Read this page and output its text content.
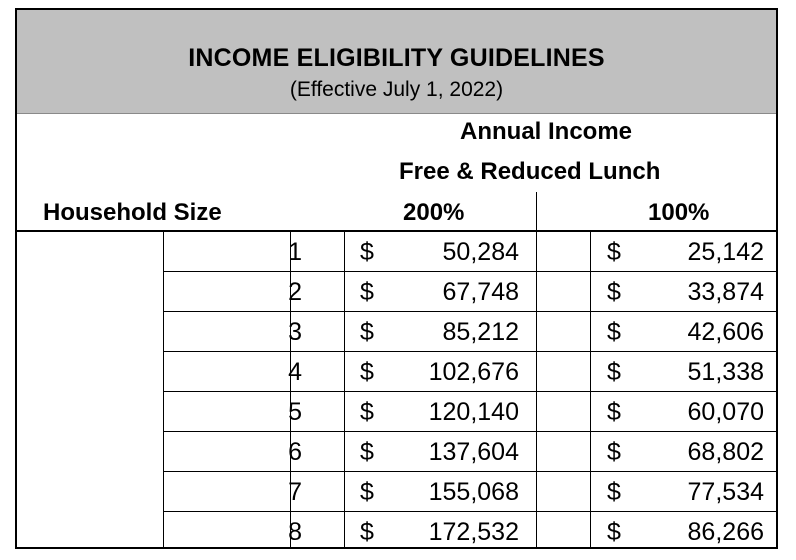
INCOME ELIGIBILITY GUIDELINES
(Effective July 1, 2022)
Annual Income
Free & Reduced Lunch
Household Size	200%	100%
1 $	50,284	$	25,142
2 $	67,748	$	33,874
3 $	85,212	$	42,606
4 $ 102,676	$	51,338
5 $ 120,140	$	60,070
6 $ 137,604	$	68,802
7 $ 155,068	$	77,534
8 $ 172,532	$	86,266
